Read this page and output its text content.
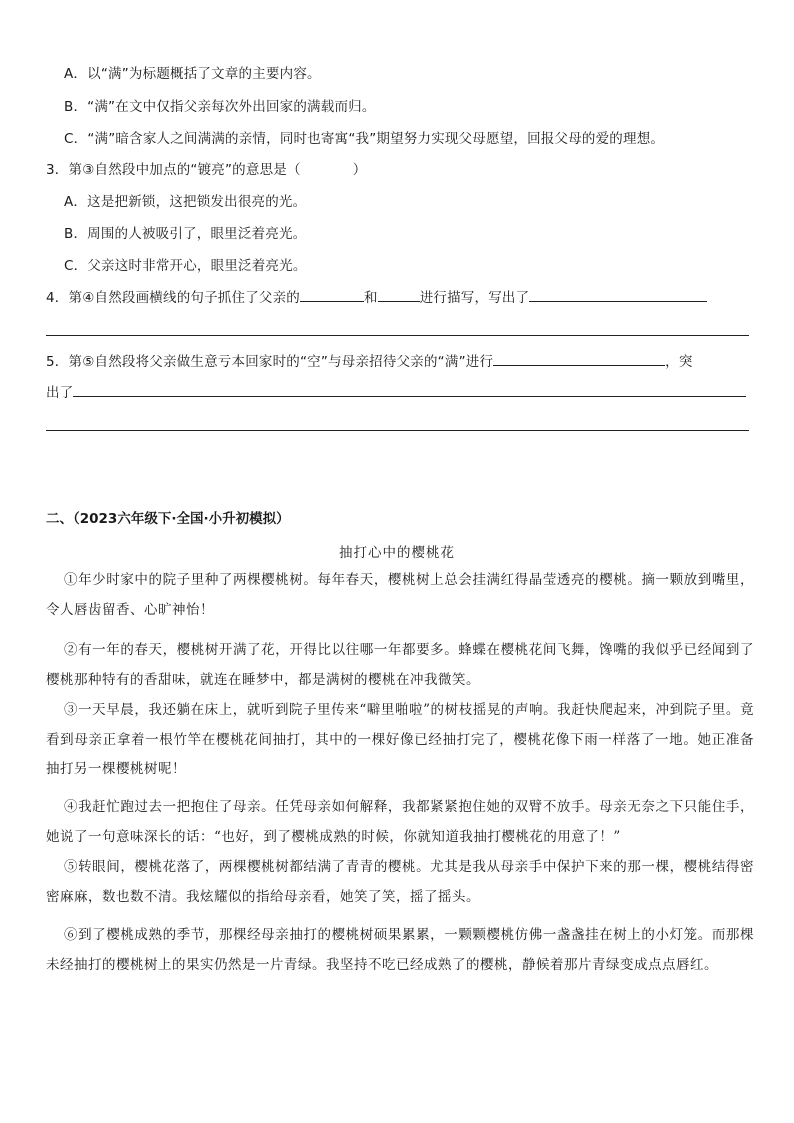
A．以“满”为标题概括了文章的主要内容。
B．“满”在文中仅指父亲每次外出回家的满载而归。
C．“满”暗含家人之间满满的亲情，同时也寄寓“我”期望努力实现父母愿望，回报父母的爱的理想。
3．第③自然段中加点的“镀亮”的意思是（	）
A．这是把新锁，这把锁发出很亮的光。
B．周围的人被吸引了，眼里泛着亮光。
C．父亲这时非常开心，眼里泛着亮光。
4．第④自然段画横线的句子抓住了父亲的	和	进行描写，写出了
5．第⑤自然段将父亲做生意亏本回家时的“空”与母亲招待父亲的“满”进行	，突
出了
二、（2023六年级下·全国·小升初模拟）
抽打心中的樱桃花
①年少时家中的院子里种了两棵樱桃树。每年春天，樱桃树上总会挂满红得晶莹透亮的樱桃。摘一颗放到嘴里，令人唇齿留香、心旷神怡！
②有一年的春天，樱桃树开满了花，开得比以往哪一年都要多。蜂蝶在樱桃花间飞舞，馋嘴的我似乎已经闻到了樱桃那种特有的香甜味，就连在睡梦中，都是满树的樱桃在冲我微笑。
③一天早晨，我还躺在床上，就听到院子里传来“噼里啪啦”的树枝摇晃的声响。我赶快爬起来，冲到院子里。竟看到母亲正拿着一根竹竿在樱桃花间抽打，其中的一棵好像已经抽打完了，樱桃花像下雨一样落了一地。她正准备抽打另一棵樱桃树呢！
④我赶忙跑过去一把抱住了母亲。任凭母亲如何解释，我都紧紧抱住她的双臂不放手。母亲无奈之下只能住手，她说了一句意味深长的话：“也好，到了樱桃成熟的时候，你就知道我抽打樱桃花的用意了！”
⑤转眼间，樱桃花落了，两棵樱桃树都结满了青青的樱桃。尤其是我从母亲手中保护下来的那一棵，樱桃结得密密麻麻，数也数不清。我炫耀似的指给母亲看，她笑了笑，摇了摇头。
⑥到了樱桃成熟的季节，那棵经母亲抽打的樱桃树硕果累累，一颗颗樱桃仿佛一盏盏挂在树上的小灯笼。而那棵未经抽打的樱桃树上的果实仍然是一片青绿。我坚持不吃已经成熟了的樱桃，静候着那片青绿变成点点唇红。
